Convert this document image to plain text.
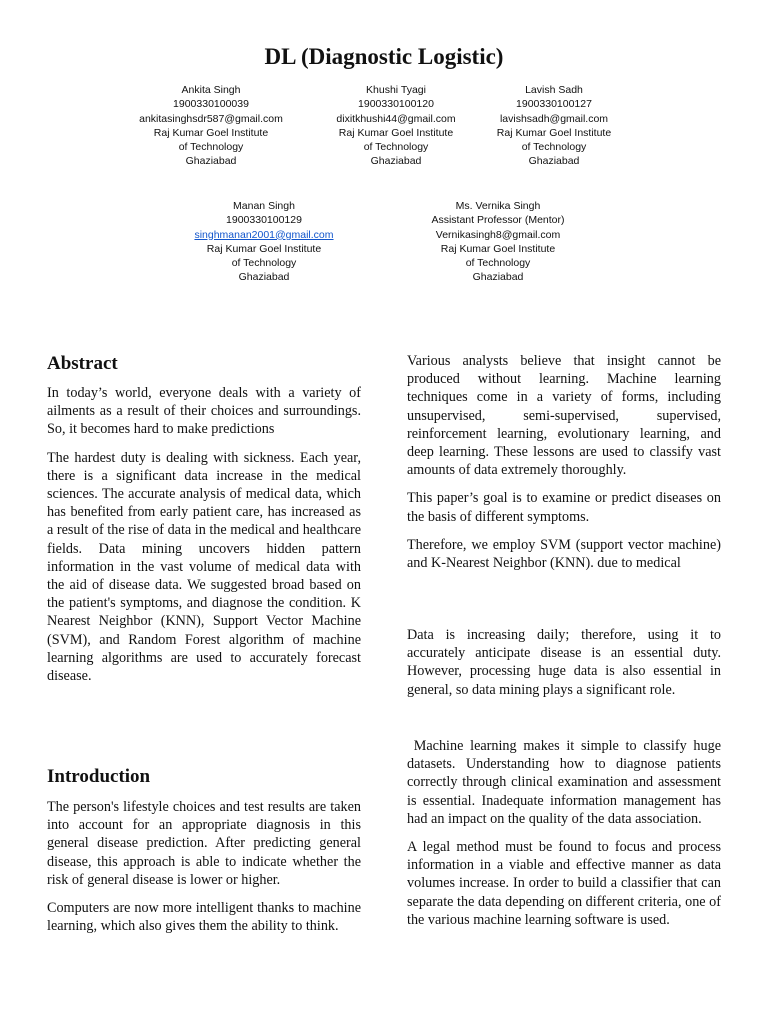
DL (Diagnostic Logistic)
Ankita Singh
1900330100039
ankitasinghsdr587@gmail.com
Raj Kumar Goel Institute
of Technology
Ghaziabad
Khushi Tyagi
1900330100120
dixitkhushi44@gmail.com
Raj Kumar Goel Institute
of Technology
Ghaziabad
Lavish Sadh
1900330100127
lavishsadh@gmail.com
Raj Kumar Goel Institute
of Technology
Ghaziabad
Manan Singh
1900330100129
singhmanan2001@gmail.com
Raj Kumar Goel Institute
of Technology
Ghaziabad
Ms. Vernika Singh
Assistant Professor (Mentor)
Vernikasingh8@gmail.com
Raj Kumar Goel Institute
of Technology
Ghaziabad
Abstract

In today’s world, everyone deals with a variety of ailments as a result of their choices and surroundings. So, it becomes hard to make predictions

The hardest duty is dealing with sickness. Each year, there is a significant data increase in the medical sciences. The accurate analysis of medical data, which has benefited from early patient care, has increased as a result of the rise of data in the medical and healthcare fields. Data mining uncovers hidden pattern information in the vast volume of medical data with the aid of disease data. We suggested broad based on the patient's symptoms, and diagnose the condition. K Nearest Neighbor (KNN), Support Vector Machine (SVM), and Random Forest algorithm of machine learning algorithms are used to accurately forecast disease.

Introduction

The person's lifestyle choices and test results are taken into account for an appropriate diagnosis in this general disease prediction. After predicting general disease, this approach is able to indicate whether the risk of general disease is lower or higher.

Computers are now more intelligent thanks to machine learning, which also gives them the ability to think.

Various analysts believe that insight cannot be produced without learning. Machine learning techniques come in a variety of forms, including unsupervised, semi-supervised, supervised, reinforcement learning, evolutionary learning, and deep learning. These lessons are used to classify vast amounts of data extremely thoroughly.

This paper’s goal is to examine or predict diseases on the basis of different symptoms.

Therefore, we employ SVM (support vector machine) and K-Nearest Neighbor (KNN). due to medical

Data is increasing daily; therefore, using it to accurately anticipate disease is an essential duty. However, processing huge data is also essential in general, so data mining plays a significant role.

Machine learning makes it simple to classify huge datasets. Understanding how to diagnose patients correctly through clinical examination and assessment is essential. Inadequate information management has had an impact on the quality of the data association.

A legal method must be found to focus and process information in a viable and effective manner as data volumes increase. In order to build a classifier that can separate the data depending on different criteria, one of the various machine learning software is used.
